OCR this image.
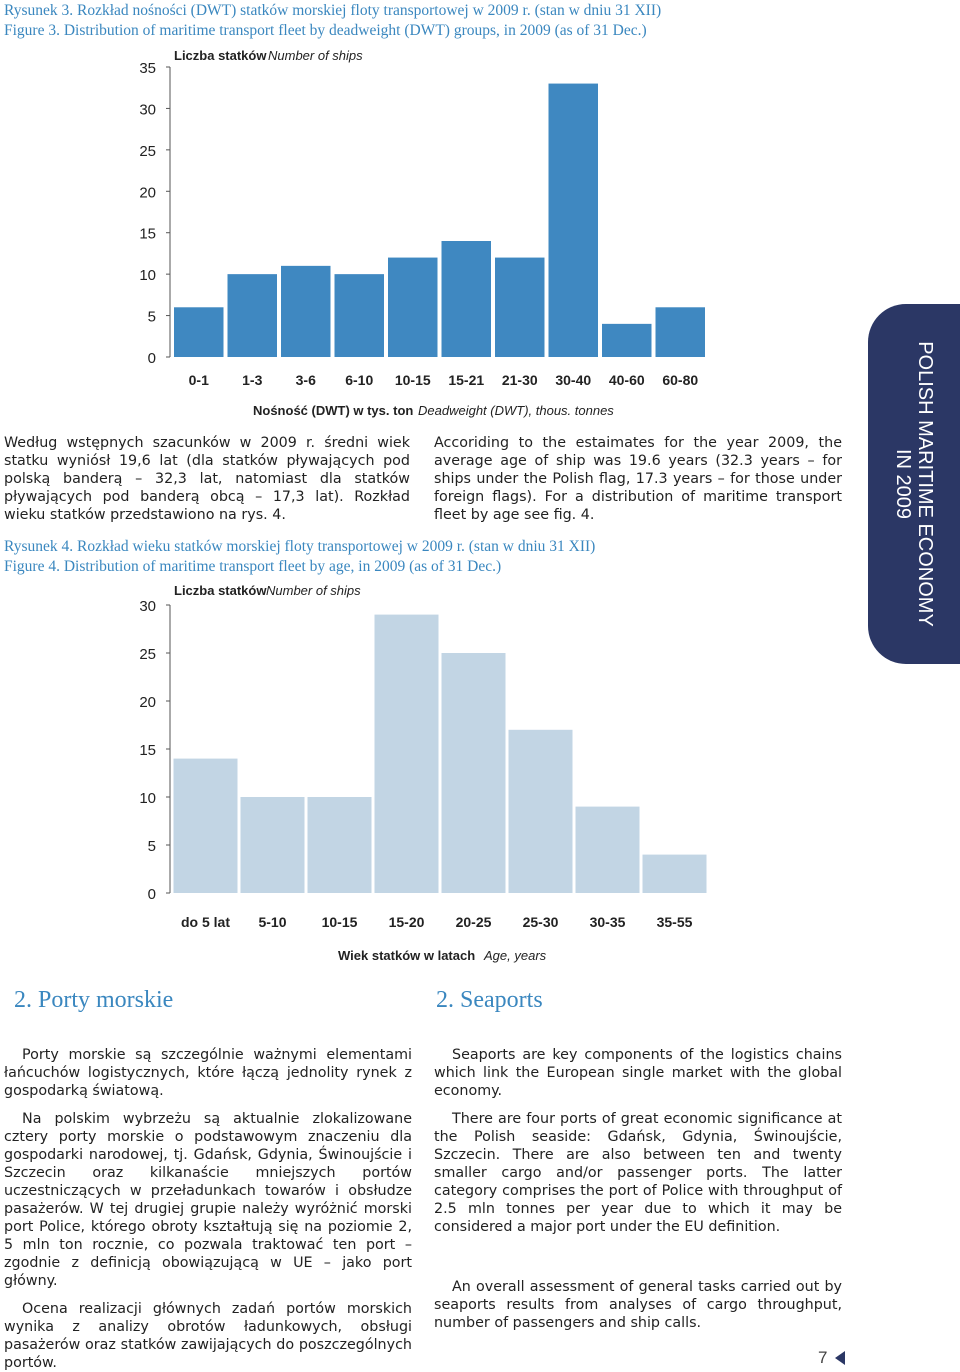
Rysunek 3. Rozkład nośności (DWT) statków morskiej floty transportowej w 2009 r. (stan w dniu 31 XII)
Figure 3. Distribution of maritime transport fleet by deadweight (DWT) groups, in 2009 (as of 31 Dec.)
Liczba statków Number of ships
0
5
10
15
20
25
30
35
0-1 1-3 3-6 6-10 10-15 15-21 21-30 30-40 40-60 60-80
Nośność (DWT) w tys. ton Deadweight (DWT), thous. tonnes
Według wstępnych szacunków w 2009 r. średni wiek statku wyniósł 19,6 lat (dla statków pływających pod polską banderą – 32,3 lat, natomiast dla statków pływających pod banderą obcą – 17,3 lat). Rozkład wieku statków przedstawiono na rys. 4.
Accoriding to the estaimates for the year 2009, the average age of ship was 19.6 years (32.3 years – for ships under the Polish flag, 17.3 years – for those under foreign flags). For a distribution of maritime transport fleet by age see fig. 4.
Rysunek 4. Rozkład wieku statków morskiej floty transportowej w 2009 r. (stan w dniu 31 XII)
Figure 4. Distribution of maritime transport fleet by age, in 2009 (as of 31 Dec.)
Liczba statków Number of ships
0
5
10
15
20
25
30
do 5 lat 5-10	10-15 15-20 20-25 25-30 30-35 35-55
Wiek statków w latach Age, years
2. Porty morskie	2. Seaports
Porty morskie są szczególnie ważnymi elementami łańcuchów logistycznych, które łączą jednolity rynek z gospodarką światową.
Na polskim wybrzeżu są aktualnie zlokalizowane cztery porty morskie o podstawowym znaczeniu dla gospodarki narodowej, tj. Gdańsk, Gdynia, Świnoujście i Szczecin oraz kilkanaście mniejszych portów uczestniczących w przeładunkach towarów i obsłudze pasażerów. W tej drugiej grupie należy wyróżnić morski port Police, którego obroty kształtują się na poziomie 2, 5 mln ton rocznie, co pozwala traktować ten port – zgodnie z definicją obowiązującą w UE – jako port główny.
Ocena realizacji głównych zadań portów morskich wynika z analizy obrotów ładunkowych, obsługi pasażerów oraz statków zawijających do poszczególnych portów.
Seaports are key components of the logistics chains which link the European single market with the global economy.
There are four ports of great economic significance at the Polish seaside: Gdańsk, Gdynia, Świnoujście, Szczecin. There are also between ten and twenty smaller cargo and/or passenger ports. The latter category comprises the port of Police with throughput of 2.5 mln tonnes per year due to which it may be considered a major port under the EU definition.
An overall assessment of general tasks carried out by seaports results from analyses of cargo throughput, number of passengers and ship calls.
POLISH MARITIME ECONOMY
IN 2009
7
